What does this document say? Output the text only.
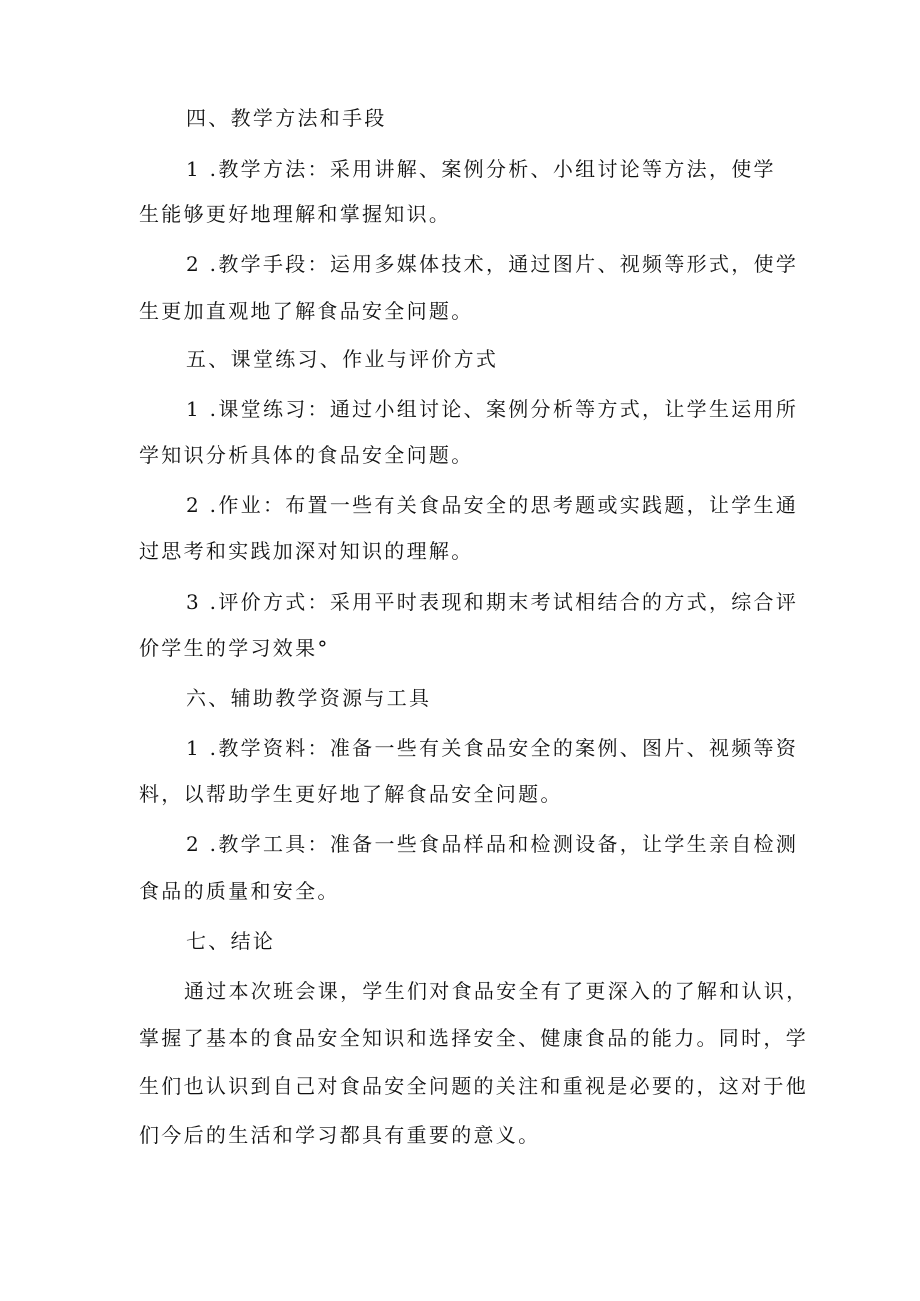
四、教学方法和手段
1 .教学方法：采用讲解、案例分析、小组讨论等方法，使学
生能够更好地理解和掌握知识。
2 .教学手段：运用多媒体技术，通过图片、视频等形式，使学
生更加直观地了解食品安全问题。
五、课堂练习、作业与评价方式
1 .课堂练习：通过小组讨论、案例分析等方式，让学生运用所
学知识分析具体的食品安全问题。
2 .作业：布置一些有关食品安全的思考题或实践题，让学生通
过思考和实践加深对知识的理解。
3 .评价方式：采用平时表现和期末考试相结合的方式，综合评
价学生的学习效果°
六、辅助教学资源与工具
1 .教学资料：准备一些有关食品安全的案例、图片、视频等资
料，以帮助学生更好地了解食品安全问题。
2 .教学工具：准备一些食品样品和检测设备，让学生亲自检测
食品的质量和安全。
七、结论
通过本次班会课，学生们对食品安全有了更深入的了解和认识，
掌握了基本的食品安全知识和选择安全、健康食品的能力。同时，学
生们也认识到自己对食品安全问题的关注和重视是必要的，这对于他
们今后的生活和学习都具有重要的意义。
